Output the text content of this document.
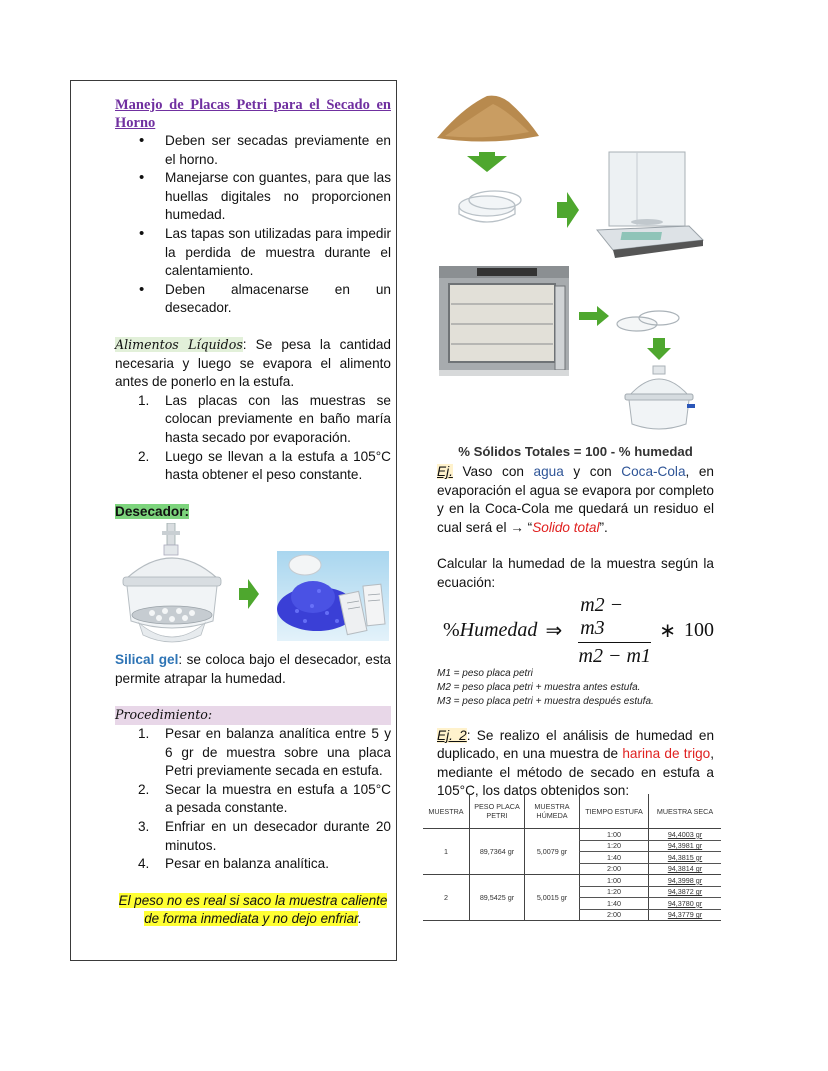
Manejo de Placas Petri para el Secado en Horno
• Deben ser secadas previamente en el horno.
• Manejarse con guantes, para que las huellas digitales no proporcionen humedad.
• Las tapas son utilizadas para impedir la perdida de muestra durante el calentamiento.
• Deben almacenarse en un desecador.
Alimentos Líquidos: Se pesa la cantidad necesaria y luego se evapora el alimento antes de ponerlo en la estufa.
1. Las placas con las muestras se colocan previamente en baño maría hasta secado por evaporación.
2. Luego se llevan a la estufa a 105°C hasta obtener el peso constante.
Desecador:
Silical gel: se coloca bajo el desecador, esta permite atrapar la humedad.
Procedimiento:
1. Pesar en balanza analítica entre 5 y 6 gr de muestra sobre una placa Petri previamente secada en estufa.
2. Secar la muestra en estufa a 105°C a pesada constante.
3. Enfriar en un desecador durante 20 minutos.
4. Pesar en balanza analítica.
El peso no es real si saco la muestra caliente de forma inmediata y no dejo enfriar.
% Sólidos Totales = 100 - % humedad
Ej. Vaso con agua y con Coca-Cola, en evaporación el agua se evapora por completo y en la Coca-Cola me quedará un residuo el cual será el → “Solido total”.
Calcular la humedad de la muestra según la ecuación:
% Humedad ⇒ $\frac{m2 - m3}{m2 - m1}$ ∗ 100
M1 = peso placa petri
M2 = peso placa petri + muestra antes estufa.
M3 = peso placa petri + muestra después estufa.
Ej. 2: Se realizo el análisis de humedad en duplicado, en una muestra de harina de trigo, mediante el método de secado en estufa a 105°C, los datos obtenidos son:
MUESTRA	PESO PLACA PETRI	MUESTRA HÚMEDA	TIEMPO ESTUFA	MUESTRA SECA
1	89,7364 gr	5,0079 gr	1:00	94,4003 gr
			1:20	94,3981 gr
			1:40	94,3815 gr
			2:00	94,3814 gr
2	89,5425 gr	5,0015 gr	1:00	94,3998 gr
			1:20	94,3872 gr
			1:40	94,3780 gr
			2:00	94,3779 gr
